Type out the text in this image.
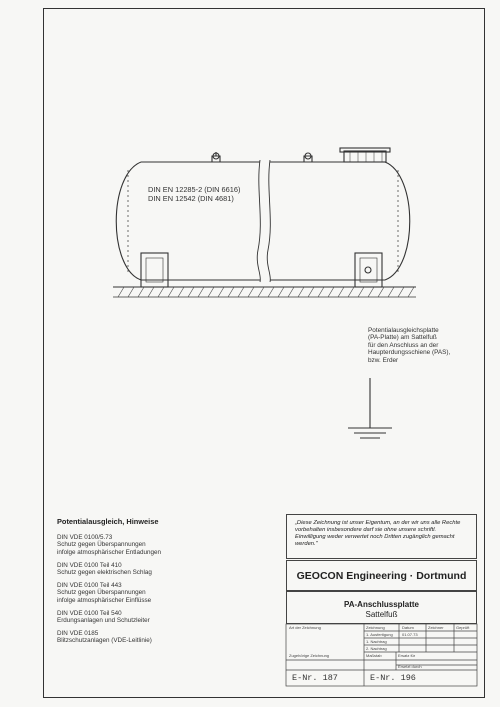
DIN EN 12285-2 (DIN 6616)
DIN EN 12542 (DIN 4681)
Potentialausgleichsplatte
(PA-Platte) am Sattelfuß
für den Anschluss an der
Haupterdungsschiene (PAS),
bzw. Erder
Potentialausgleich, Hinweise
DIN VDE 0100/5.73
Schutz gegen Überspannungen
infolge atmosphärischer Entladungen
DIN VDE 0100 Teil 410
Schutz gegen elektrischen Schlag
DIN VDE 0100 Teil 443
Schutz gegen Überspannungen
infolge atmosphärischer Einflüsse
DIN VDE 0100 Teil 540
Erdungsanlagen und Schutzleiter
DIN VDE 0185
Blitzschutzanlagen (VDE-Leitlinie)
„Diese Zeichnung ist unser Eigentum, an der wir uns alle Rechte vorbehalten insbesondere darf sie ohne unsere schriftl. Einwilligung weder verwertet noch Dritten zugänglich gemacht werden."
GEOCON Engineering · Dortmund
PA-Anschlussplatte
Sattelfuß
Art der Zeichnung	Zeichnung	Datum	Zeichner	Geprüft
1. Ausfertigung 01.07.73
1. Nachtrag
2. Nachtrag
Zugehörige Zeichnung	Maßstab	Ersatz für
Ersetzt durch
E-Nr. 187	E-Nr. 196
